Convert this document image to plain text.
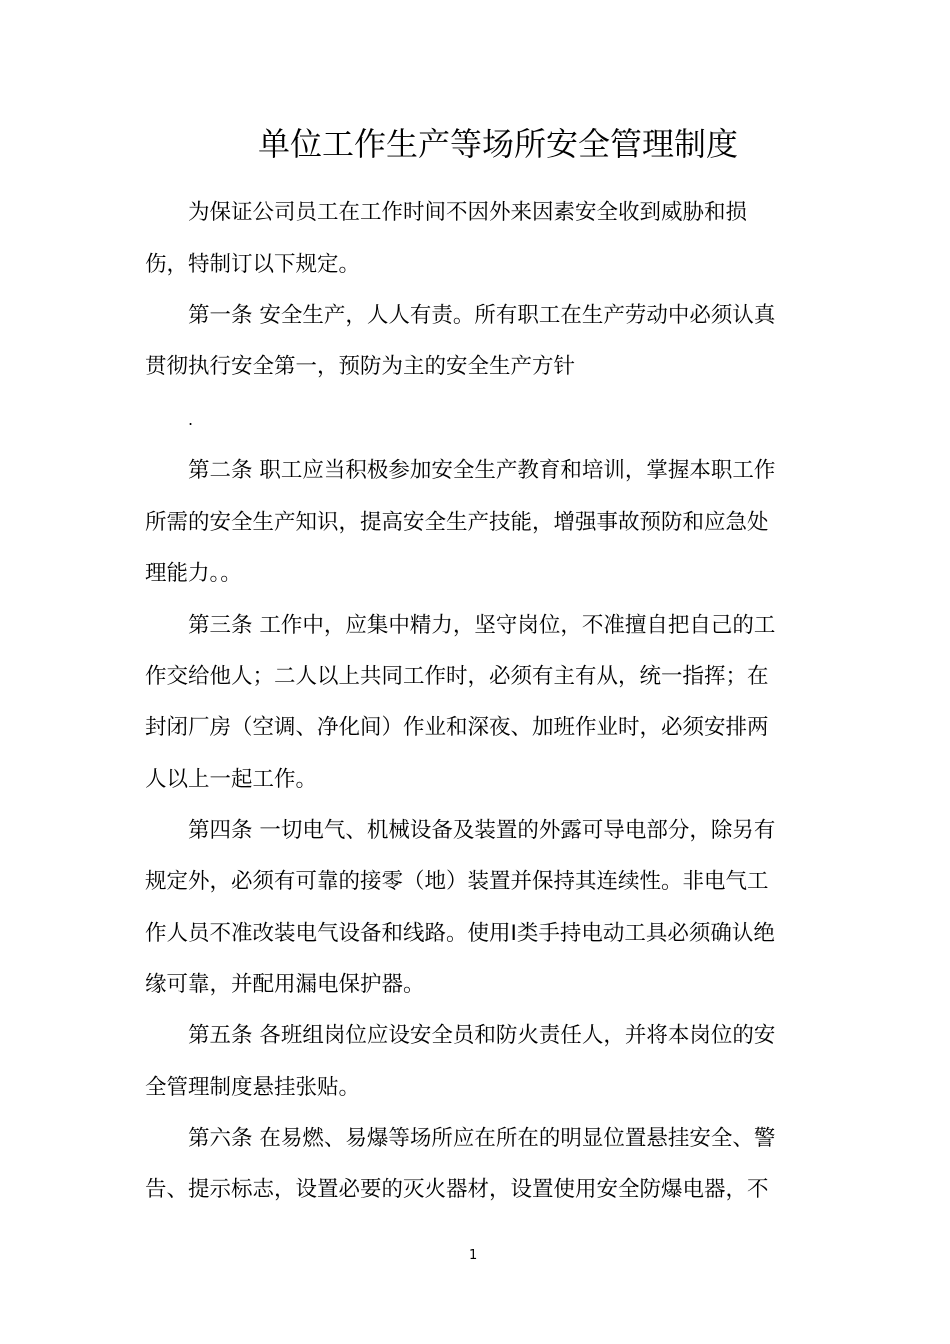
单位工作生产等场所安全管理制度
为保证公司员工在工作时间不因外来因素安全收到威胁和损
伤，特制订以下规定。
第一条 安全生产，人人有责。所有职工在生产劳动中必须认真
贯彻执行安全第一，预防为主的安全生产方针
.
第二条 职工应当积极参加安全生产教育和培训，掌握本职工作
所需的安全生产知识，提高安全生产技能，增强事故预防和应急处
理能力。。
第三条 工作中，应集中精力，坚守岗位，不准擅自把自己的工
作交给他人；二人以上共同工作时，必须有主有从，统一指挥；在
封闭厂房（空调、净化间）作业和深夜、加班作业时，必须安排两
人以上一起工作。
第四条 一切电气、机械设备及装置的外露可导电部分，除另有
规定外，必须有可靠的接零（地）装置并保持其连续性。非电气工
作人员不准改装电气设备和线路。使用I类手持电动工具必须确认绝
缘可靠，并配用漏电保护器。
第五条 各班组岗位应设安全员和防火责任人，并将本岗位的安
全管理制度悬挂张贴。
第六条 在易燃、易爆等场所应在所在的明显位置悬挂安全、警
告、提示标志，设置必要的灭火器材，设置使用安全防爆电器，不
1
